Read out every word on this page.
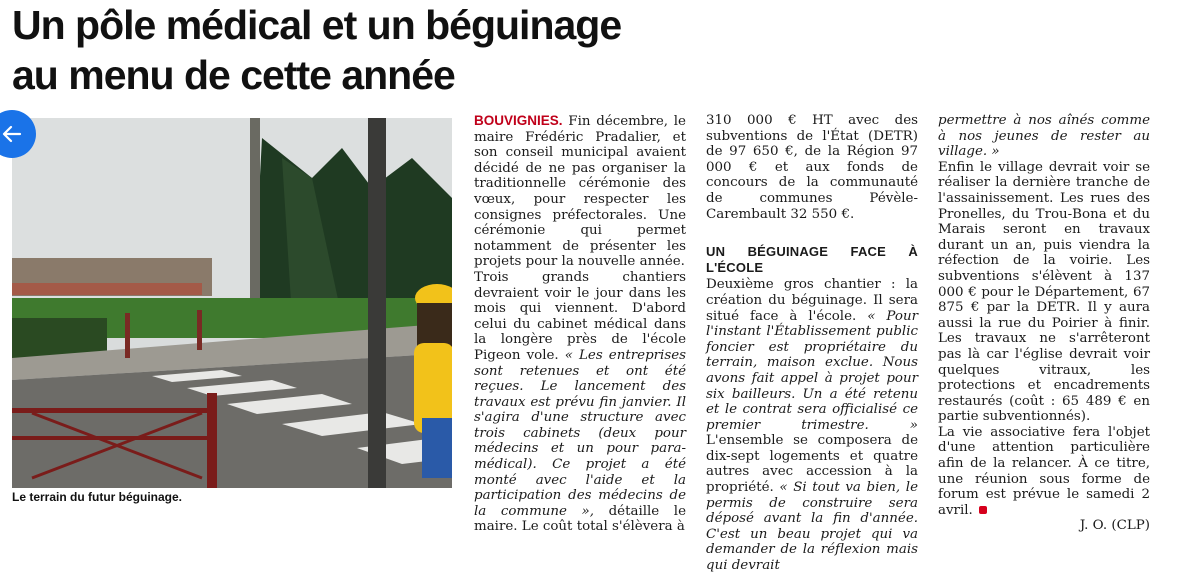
Un pôle médical et un béguinage
au menu de cette année
Le terrain du futur béguinage.

BOUVIGNIES. Fin décembre, le maire Frédéric Pradalier, et son conseil municipal avaient décidé de ne pas organiser la traditionnelle cérémonie des vœux, pour respecter les consignes préfectorales. Une cérémonie qui permet notamment de présenter les projets pour la nouvelle année.

Trois grands chantiers devraient voir le jour dans les mois qui viennent. D'abord celui du cabinet médical dans la longère près de l'école Pigeon vole. « Les entreprises sont retenues et ont été reçues. Le lancement des travaux est prévu fin janvier. Il s'agira d'une structure avec trois cabinets (deux pour médecins et un pour para-médical). Ce projet a été monté avec l'aide et la participation des médecins de la commune », détaille le maire. Le coût total s'élèvera à

310 000 € HT avec des subventions de l'État (DETR) de 97 650 €, de la Région 97 000 € et aux fonds de concours de la communauté de communes Pévèle-Carembault 32 550 €.

UN BÉGUINAGE FACE À L'ÉCOLE

Deuxième gros chantier : la création du béguinage. Il sera situé face à l'école. « Pour l'instant l'Établissement public foncier est propriétaire du terrain, maison exclue. Nous avons fait appel à projet pour six bailleurs. Un a été retenu et le contrat sera officialisé ce premier trimestre. » L'ensemble se composera de dix-sept logements et quatre autres avec accession à la propriété. « Si tout va bien, le permis de construire sera déposé avant la fin d'année. C'est un beau projet qui va demander de la réflexion mais qui devrait

permettre à nos aînés comme à nos jeunes de rester au village. »

Enfin le village devrait voir se réaliser la dernière tranche de l'assainissement. Les rues des Pronelles, du Trou-Bona et du Marais seront en travaux durant un an, puis viendra la réfection de la voirie. Les subventions s'élèvent à 137 000 € pour le Département, 67 875 € par la DETR. Il y aura aussi la rue du Poirier à finir. Les travaux ne s'arrêteront pas là car l'église devrait voir quelques vitraux, les protections et encadrements restaurés (coût : 65 489 € en partie subventionnés).

La vie associative fera l'objet d'une attention particulière afin de la relancer. À ce titre, une réunion sous forme de forum est prévue le samedi 2 avril.

J. O. (CLP)
